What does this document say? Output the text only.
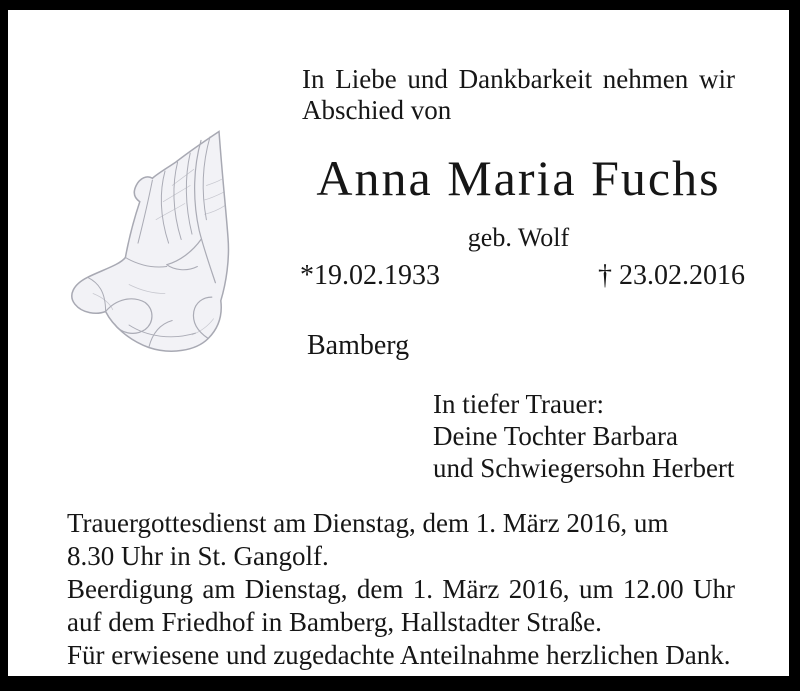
In Liebe und Dankbarkeit nehmen wir
Abschied von
Anna Maria Fuchs
geb. Wolf
*19.02.1933	† 23.02.2016
Bamberg
In tiefer Trauer:
Deine Tochter Barbara
und Schwiegersohn Herbert
Trauergottesdienst am Dienstag, dem 1. März 2016, um
8.30 Uhr in St. Gangolf.
Beerdigung am Dienstag, dem 1. März 2016, um 12.00 Uhr
auf dem Friedhof in Bamberg, Hallstadter Straße.
Für erwiesene und zugedachte Anteilnahme herzlichen Dank.
